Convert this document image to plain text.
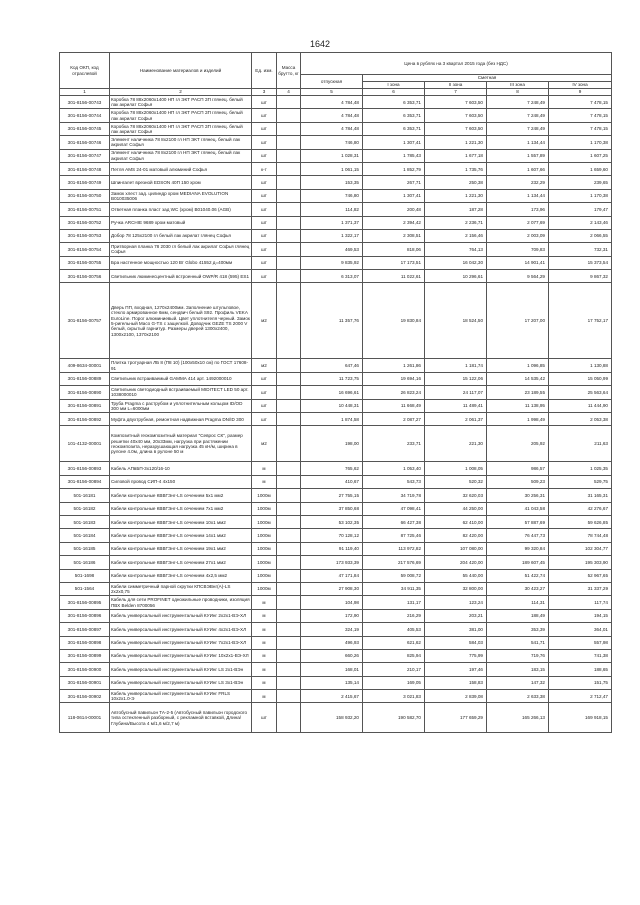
1642
Код ОКП, код отраслевой	Наименование материалов и изделий	Ед. изм.	Масса брутто, кг	Цена в рублях на 3 квартал 2015 года (без НДС)				
				отпускная	Сметная			
					I зона	II зона	III зона	IV зона
1	2	3	4	5	6	7	8	9
301-8156-00743	Коробка 78 88х2060х1400 НП гл ЭКТ РАСП ЗП глянец. белый лак акрилат Софья	шт		4 784,48	6 353,71	7 603,50	7 248,49	7 478,15
301-8156-00744	Коробка 78 88х2060х1400 НП гл ЭКТ РАСП ЗП глянец. белый лак акрилат Софья	шт		4 784,48	6 353,71	7 603,50	7 248,49	7 478,15
301-8156-00745	Коробка 78 88х2060х1400 НП гл ЭКТ РАСП ЗП глянец. белый лак акрилат Софья	шт		4 784,48	6 353,71	7 603,50	7 248,49	7 478,15
301-8156-00746	Элемент наличника 78 8х2100 гл НП ЭКТ глянец. белый лак акрилат Софья	шт		746,80	1 307,41	1 221,30	1 134,44	1 170,38
301-8156-00747	Элемент наличника 78 8х2100 гл НП ЭКТ глянец. белый лак акрилат Софья	шт		1 028,31	1 785,43	1 677,18	1 557,89	1 607,25
301-8156-00748	Петля AMS 24-01 матовый алюминий Софья	к-т		1 061,15	1 852,79	1 735,76	1 607,66	1 659,60
301-8156-00749	Шпингалет врезной EDSON 40П 150 хром	шт		153,35	267,71	250,38	232,29	239,65
301-8156-00750	Замок хлест зад. цилиндр хром MEDIANA EVOLUTION B010035006	шт		746,80	1 307,41	1 221,30	1 134,44	1 170,38
301-8156-00751	Ответная планка пласт зад WC (хром) B01040.06 (AGB)	шт		114,82	200,48	187,28	173,96	179,47
301-8156-00752	Ручка ARCHIE 9689 хром матовый	шт		1 371,37	2 394,42	2 236,71	2 077,69	2 143,46
301-8156-00753	Добор 78 125х2100 гл белый лак акрилат глянец Софья	шт		1 322,17	2 308,51	2 156,46	2 003,09	2 066,55
301-8156-00754	Притворная планка 78 2030 гл белый лак акрилат Софья глянец Софья	шт		469,53	818,06	764,13	709,83	732,31
301-8156-00755	Бра настенное мощностью 120 Вт Globo 41552 д=400мм	шт		9 835,92	17 173,51	16 042,30	14 901,41	15 373,54
301-8156-00756	Светильник люминесцентный встроенный OWP/R 418 (595) ES1	шт		6 313,07	11 022,61	10 296,61	9 564,29	9 867,32
301-8156-00757	Дверь ПП, входная, 1270х2400мм. Заполнение штульповое, стекло армированное 6мм, сендвич белый S92. Профиль VEKA EuroLine. Порог алюминиевый. Цвет уплотнителя черный. Замок 5-ригельный Maco G-TS с защелкой. Доводчик GEZE TS 2000 V белый, скрытый гарнитур. Размеры дверей 1300х2400, 1300х2100, 1370х2100	м2		11 357,76	19 830,84	18 524,50	17 207,00	17 752,17
409-8634-00001	Плитка тротуарная ЛБ 8 (П8 10) (100х50х10 см) по ГОСТ 17608-91	м2		647,46	1 261,86	1 181,74	1 096,85	1 130,88
301-8156-00889	Светильник встраиваемый GAMMA 414 арт. 1492000010	шт		11 723,75	19 694,16	15 122,06	14 535,42	15 050,99
301-8156-00890	Светильник светодиодный встраиваемый MIDITECT LED 50 арт. 1038000010	шт		16 696,61	26 823,24	24 117,07	23 189,55	25 563,64
301-8156-00891	Труба Pragma с раструбом и уплотнительным кольцом ID/OD 300 мм L=6000мм	шт		10 448,31	11 668,49	11 489,41	11 138,95	11 444,90
301-8156-00892	Муфта двухтрубная, ремонтная надвижная Pragma DN/ID 300	шт		1 874,58	2 087,27	2 061,37	1 998,49	2 053,38
101-4132-00001	Композитный геокомпозитный материал "Севрос СК", размер решетки 40х40 мм, 20х33мм, нагрузка при растяжении геокомпозита, неразрушающая нагрузка 45 кН/м, ширина в рулоне 4.0м, длина в рулоне 50 м	м2		198,00	233,71	221,30	205,92	211,63
301-8156-00893	Кабель АПвБП-3х120/16-10	м		765,62	1 053,40	1 008,05	986,57	1 025,35
301-8156-00894	Силовой провод СИП-4 4х150	м		410,67	543,73	520,32	509,23	529,75
501-16181	Кабели контрольные КВВГЭнг-LS сечением 5х1 мм2	1000м		27 755,15	34 719,78	32 620,03	30 256,31	31 165,31
501-16182	Кабели контрольные КВВГЭнг-LS сечением 7х1 мм2	1000м		37 850,68	47 098,41	44 250,00	41 043,58	42 276,67
501-16183	Кабели контрольные КВВГЭнг-LS сечением 10х1 мм2	1000м		53 102,35	66 427,38	62 410,00	57 887,69	59 626,85
501-16184	Кабели контрольные КВВГЭнг-LS сечением 14х1 мм2	1000м		70 128,12	87 725,46	82 420,00	76 447,73	78 744,48
501-16185	Кабели контрольные КВВГЭнг-LS сечением 19х1 мм2	1000м		91 119,40	113 972,82	107 080,00	99 320,84	102 304,77
501-16186	Кабели контрольные КВВГЭнг-LS сечением 27х1 мм2	1000м		173 933,39	217 576,69	204 420,00	189 607,45	195 303,90
501-1698	Кабели контрольные КВВГЭнг-LS сечением 4х2,5 мм2	1000м		47 171,84	59 008,72	55 440,00	51 422,74	52 967,65
501-1564	Кабели симметричный парной скрутки КПСВЭВнг(А)-LS 2х2х0,75	1000м		27 908,30	34 911,35	32 800,00	30 423,27	31 337,29
301-8156-00895	Кабель для сети PROFINET одножильные проводники, изоляция ПВХ Belden 8700056	м		104,98	131,17	123,24	114,31	117,74
301-8156-00896	Кабель универсальный инструментальный КУИнг 2х2х1-ВЭ-ХЛ	м		172,90	216,29	203,21	188,49	194,15
301-8156-00897	Кабель универсальный инструментальный КУИнг 4х2х1-ВЭ-ХЛ	м		324,19	405,53	381,00	353,39	364,01
301-8156-00898	Кабель универсальный инструментальный КУИнг 7х2х1-ВЭ-ХЛ	м		496,93	621,62	584,03	541,71	557,98
301-8156-00899	Кабель универсальный инструментальный КУИнг 10х2х1-ВЭ-ХЛ	м		660,26	825,94	775,99	719,76	741,38
301-8156-00900	Кабель универсальный инструментальный КУИнг LS 2х1-ВЭн	м		168,01	210,17	197,46	183,15	188,65
301-8156-00901	Кабель универсальный инструментальный КУИнг LS 3х1-ВЭн	м		135,14	169,05	158,83	147,32	151,75
301-8156-00902	Кабель универсальный инструментальный КУИнг FRLS 10х2х1.0-Э	м		2 415,67	3 021,83	2 839,08	2 633,38	2 712,47
118-0614-00001	Автобусный павильон ТА-2-5 (Автобусный павильон городского типа остекленный разборный, с рекламной вставкой, Длина/Глубина/Высота 4 м/1,6 м/2,7 м)	шт		158 932,20	190 582,70	177 659,29	165 266,13	169 918,15
